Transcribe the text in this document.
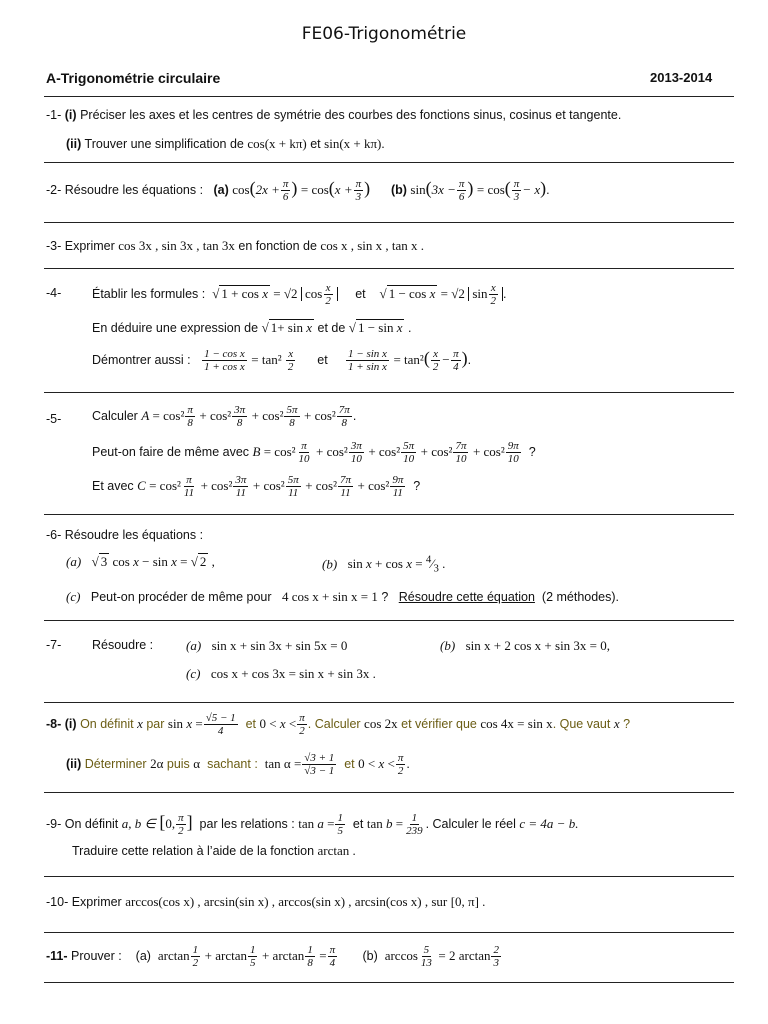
FE06-Trigonométrie
A-Trigonométrie circulaire	2013-2014
-1- (i) Préciser les axes et les centres de symétrie des courbes des fonctions sinus, cosinus et tangente.
(ii) Trouver une simplification de cos(x + kπ) et sin(x + kπ).
-2- Résoudre les équations : (a) $\cos(2x + \frac{\pi}{6}$ ) = $\cos(x + \frac{\pi}{3}$ ) (b) $\sin(3x - \frac{\pi}{6}$ ) = $\cos( \frac{\pi}{3} - x)$.
-3- Exprimer cos 3x , sin 3x , tan 3x en fonction de cos x , sin x , tan x .
-4- Établir les formules : √ 1 + cos x = √2 $\cos \frac{x}{2}$ et √ 1 − cos x = √2 $\sin \frac{x}{2}$ .
En déduire une expression de √ 1+ sin x et de √ 1 − sin x .
Démontrer aussi : $\frac{\text{1 − cos x}}{\text{1 + cos x}} = \tan^2 \frac{x}{2}$ et $\frac{\text{1 − sin x}}{\text{1 + sin x}} = \tan^2( \frac{x}{2} - \frac{\pi}{4}$ ).
-5- Calculer $A = \cos^2 \frac{\pi}{8} + \cos^2 \frac{3\pi}{8} + \cos^2 \frac{5\pi}{8} + \cos^2 \frac{7\pi}{8}$ .
Peut-on faire de même avec $B = \cos^2 \frac{\pi}{10} + \cos^2 \frac{3\pi}{10} + \cos^2 \frac{5\pi}{10} + \cos^2 \frac{7\pi}{10} + \cos^2 \frac{9\pi}{10}$ ?
Et avec $C = \cos^2 \frac{\pi}{11} + \cos^2 \frac{3\pi}{11} + \cos^2 \frac{5\pi}{11} + \cos^2 \frac{7\pi}{11} + \cos^2 \frac{9\pi}{11}$ ?
-6- Résoudre les équations :
(a) √ 3 cos x − sin x = √ 2 ,	(b) $\sin x + \cos x = ^4⁄_3$ .
(c) Peut-on procéder de même pour 4 cos x + sin x = 1 ? Résoudre cette équation (2 méthodes).
-7- Résoudre :	(a) sin x + sin 3x + sin 5x = 0	(b) sin x + 2 cos x + sin 3x = 0,
(c) cos x + cos 3x = sin x + sin 3x .
-8- (i) On définit x par $\sin x = \frac{√5 - 1}{4}$ et $0 < x < \frac{\pi}{2}$ . Calculer cos 2x et vérifier que cos 4x = sin x. Que vaut x ?
(ii) Déterminer 2α puis α sachant : $\tan \alpha = \frac{√3 + 1}{√3 - 1}$ et $0 < x < \frac{\pi}{2}$ .
-9- On définit a, b ∈ [0, $\frac{\pi}{2}$ ] par les relations : $\tan a = \frac{1}{5}$ et $\tan b = \frac{1}{239}$ . Calculer le réel c = 4a − b.
Traduire cette relation à l’aide de la fonction arctan .
-10- Exprimer arccos(cos x) , arcsin(sin x) , arccos(sin x) , arcsin(cos x) , sur [0, π] .
-11- Prouver : (a) $\arctan \frac{1}{2} + \arctan \frac{1}{5} + \arctan \frac{1}{8} = \frac{\pi}{4} (b)$ $\arccos \frac{5}{13} = 2$ $\arctan \frac{2}{3}$
